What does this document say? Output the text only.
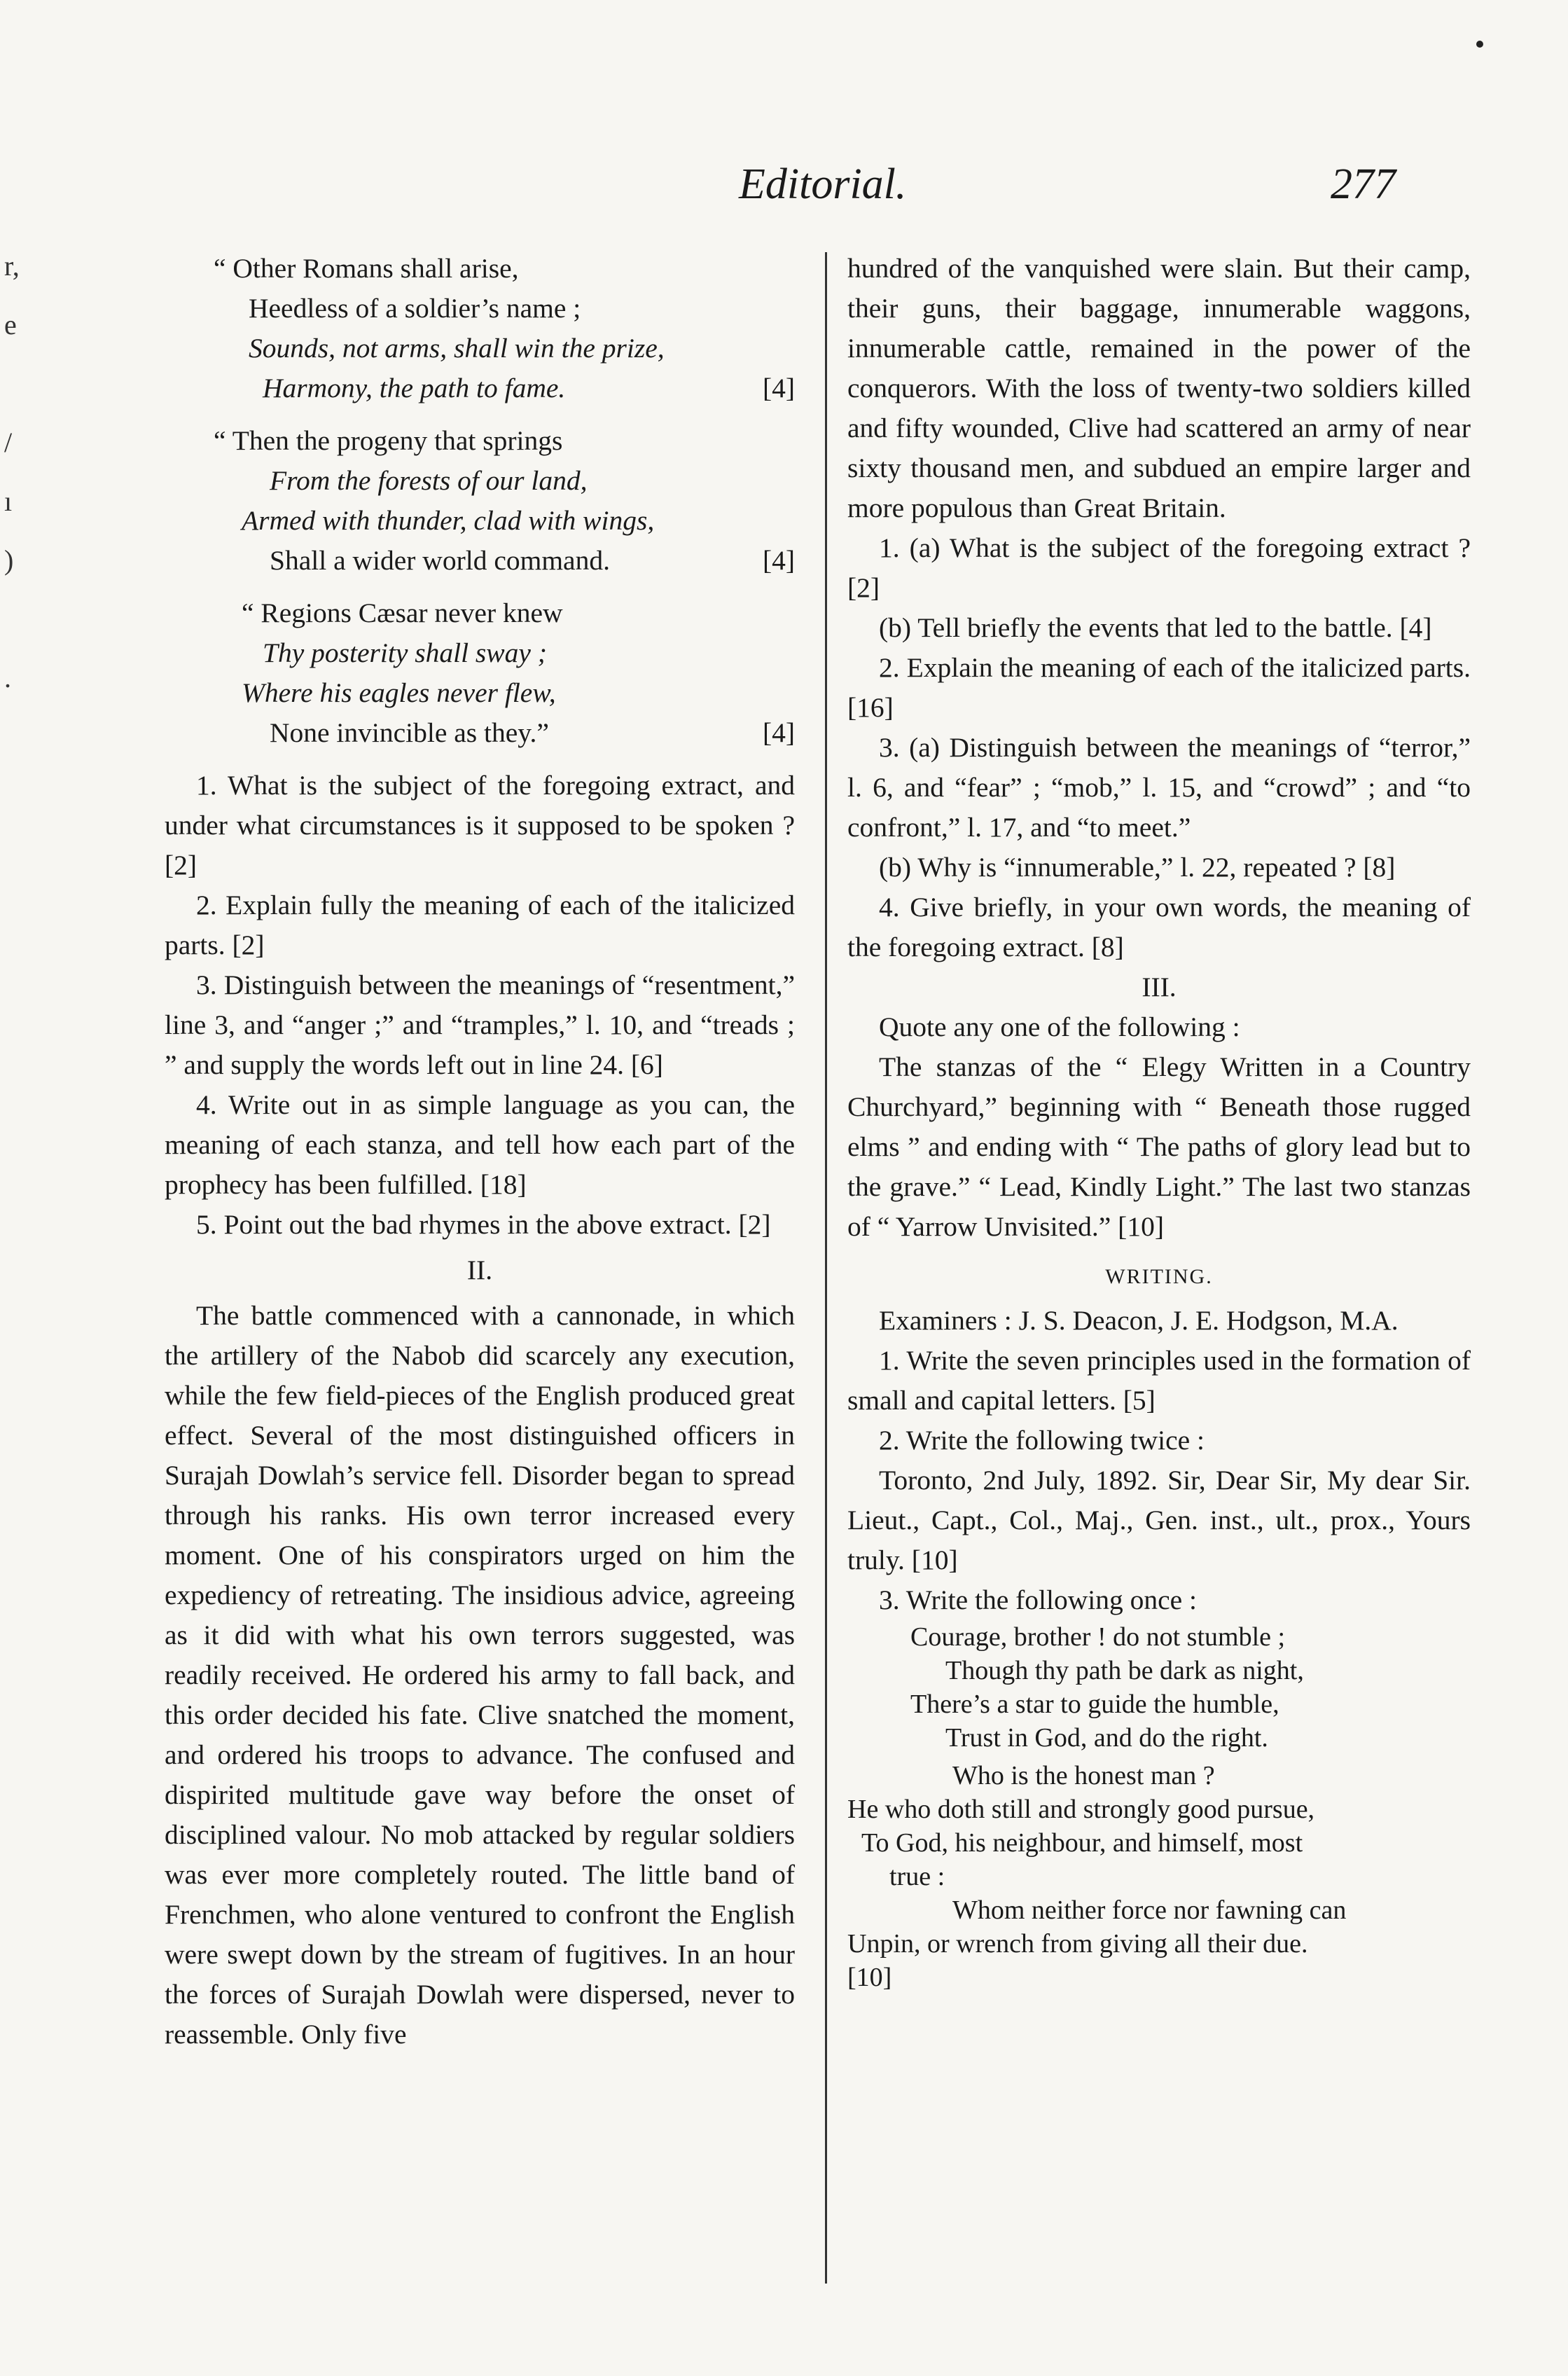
r,
e
/
ı
)
.
Editorial.	277
“ Other Romans shall arise,
Heedless of a soldier’s name ;
Sounds, not arms, shall win the prize,
Harmony, the path to fame.	[4]
“ Then the progeny that springs
From the forests of our land,
Armed with thunder, clad with wings,
Shall a wider world command.	[4]
“ Regions Cæsar never knew
Thy posterity shall sway ;
Where his eagles never flew,
None invincible as they.”	[4]

1. What is the subject of the foregoing extract, and under what circumstances is it supposed to be spoken ? [2]

2. Explain fully the meaning of each of the italicized parts. [2]

3. Distinguish between the meanings of “resentment,” line 3, and “anger ;” and “tramples,” l. 10, and “treads ; ” and supply the words left out in line 24. [6]

4. Write out in as simple language as you can, the meaning of each stanza, and tell how each part of the prophecy has been fulfilled. [18]

5. Point out the bad rhymes in the above extract. [2]

II.

The battle commenced with a cannonade, in which the artillery of the Nabob did scarcely any execution, while the few field-pieces of the English produced great effect. Several of the most distinguished officers in Surajah Dowlah’s service fell. Disorder began to spread through his ranks. His own terror increased every moment. One of his conspirators urged on him the expediency of retreating. The insidious advice, agreeing as it did with what his own terrors suggested, was readily received. He ordered his army to fall back, and this order decided his fate. Clive snatched the moment, and ordered his troops to advance. The confused and dispirited multitude gave way before the onset of disciplined valour. No mob attacked by regular soldiers was ever more completely routed. The little band of Frenchmen, who alone ventured to confront the English were swept down by the stream of fugitives. In an hour the forces of Surajah Dowlah were dispersed, never to reassemble. Only five

hundred of the vanquished were slain. But their camp, their guns, their baggage, innumerable waggons, innumerable cattle, remained in the power of the conquerors. With the loss of twenty-two soldiers killed and fifty wounded, Clive had scattered an army of near sixty thousand men, and subdued an empire larger and more populous than Great Britain.

1. (a) What is the subject of the foregoing extract ? [2]

(b) Tell briefly the events that led to the battle. [4]

2. Explain the meaning of each of the italicized parts. [16]

3. (a) Distinguish between the meanings of “terror,” l. 6, and “fear” ; “mob,” l. 15, and “crowd” ; and “to confront,” l. 17, and “to meet.”

(b) Why is “innumerable,” l. 22, repeated ? [8]

4. Give briefly, in your own words, the meaning of the foregoing extract. [8]

III.

Quote any one of the following :

The stanzas of the “ Elegy Written in a Country Churchyard,” beginning with “ Beneath those rugged elms ” and ending with “ The paths of glory lead but to the grave.” “ Lead, Kindly Light.” The last two stanzas of “ Yarrow Unvisited.” [10]

WRITING.

Examiners : J. S. Deacon, J. E. Hodgson, M.A.

1. Write the seven principles used in the formation of small and capital letters. [5]

2. Write the following twice :

Toronto, 2nd July, 1892. Sir, Dear Sir, My dear Sir. Lieut., Capt., Col., Maj., Gen. inst., ult., prox., Yours truly. [10]

3. Write the following once :

Courage, brother ! do not stumble ;
Though thy path be dark as night,
There’s a star to guide the humble,
Trust in God, and do the right.
Who is the honest man ?
He who doth still and strongly good pursue,
To God, his neighbour, and himself, most
true :
Whom neither force nor fawning can
Unpin, or wrench from giving all their due.
[10]
